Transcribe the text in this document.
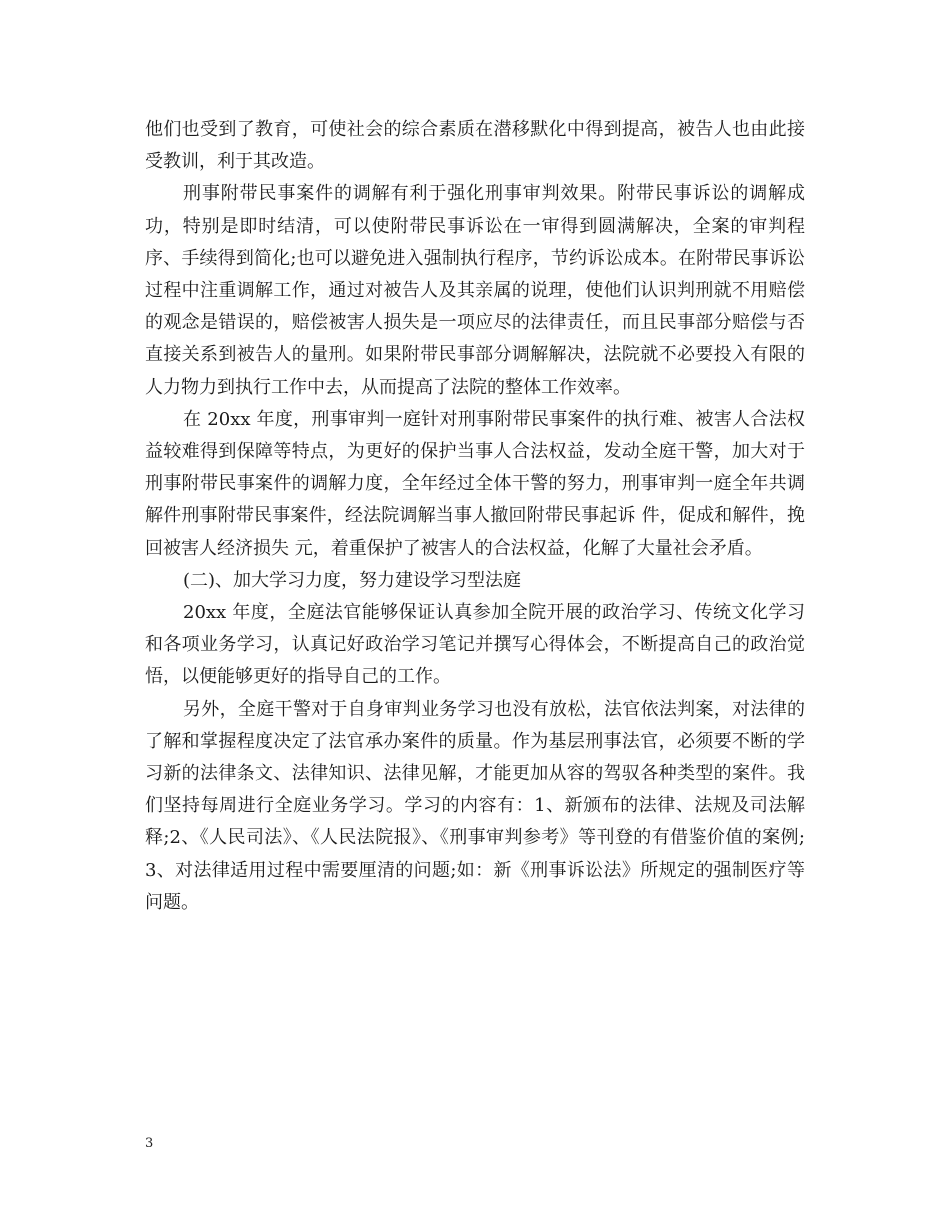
他们也受到了教育，可使社会的综合素质在潜移默化中得到提高，被告人也由此接受教训，利于其改造。

刑事附带民事案件的调解有利于强化刑事审判效果。附带民事诉讼的调解成功，特别是即时结清，可以使附带民事诉讼在一审得到圆满解决，全案的审判程序、手续得到简化;也可以避免进入强制执行程序，节约诉讼成本。在附带民事诉讼过程中注重调解工作，通过对被告人及其亲属的说理，使他们认识判刑就不用赔偿的观念是错误的，赔偿被害人损失是一项应尽的法律责任，而且民事部分赔偿与否直接关系到被告人的量刑。如果附带民事部分调解解决，法院就不必要投入有限的人力物力到执行工作中去，从而提高了法院的整体工作效率。

在 20xx 年度，刑事审判一庭针对刑事附带民事案件的执行难、被害人合法权益较难得到保障等特点，为更好的保护当事人合法权益，发动全庭干警，加大对于刑事附带民事案件的调解力度，全年经过全体干警的努力，刑事审判一庭全年共调解件刑事附带民事案件，经法院调解当事人撤回附带民事起诉 件，促成和解件，挽回被害人经济损失 元，着重保护了被害人的合法权益，化解了大量社会矛盾。

(二)、加大学习力度，努力建设学习型法庭

20xx 年度，全庭法官能够保证认真参加全院开展的政治学习、传统文化学习和各项业务学习，认真记好政治学习笔记并撰写心得体会，不断提高自己的政治觉悟，以便能够更好的指导自己的工作。

另外，全庭干警对于自身审判业务学习也没有放松，法官依法判案，对法律的了解和掌握程度决定了法官承办案件的质量。作为基层刑事法官，必须要不断的学习新的法律条文、法律知识、法律见解，才能更加从容的驾驭各种类型的案件。我们坚持每周进行全庭业务学习。学习的内容有：1、新颁布的法律、法规及司法解释;2、《人民司法》、《人民法院报》、《刑事审判参考》等刊登的有借鉴价值的案例;3、对法律适用过程中需要厘清的问题;如：新《刑事诉讼法》所规定的强制医疗等问题。

3
